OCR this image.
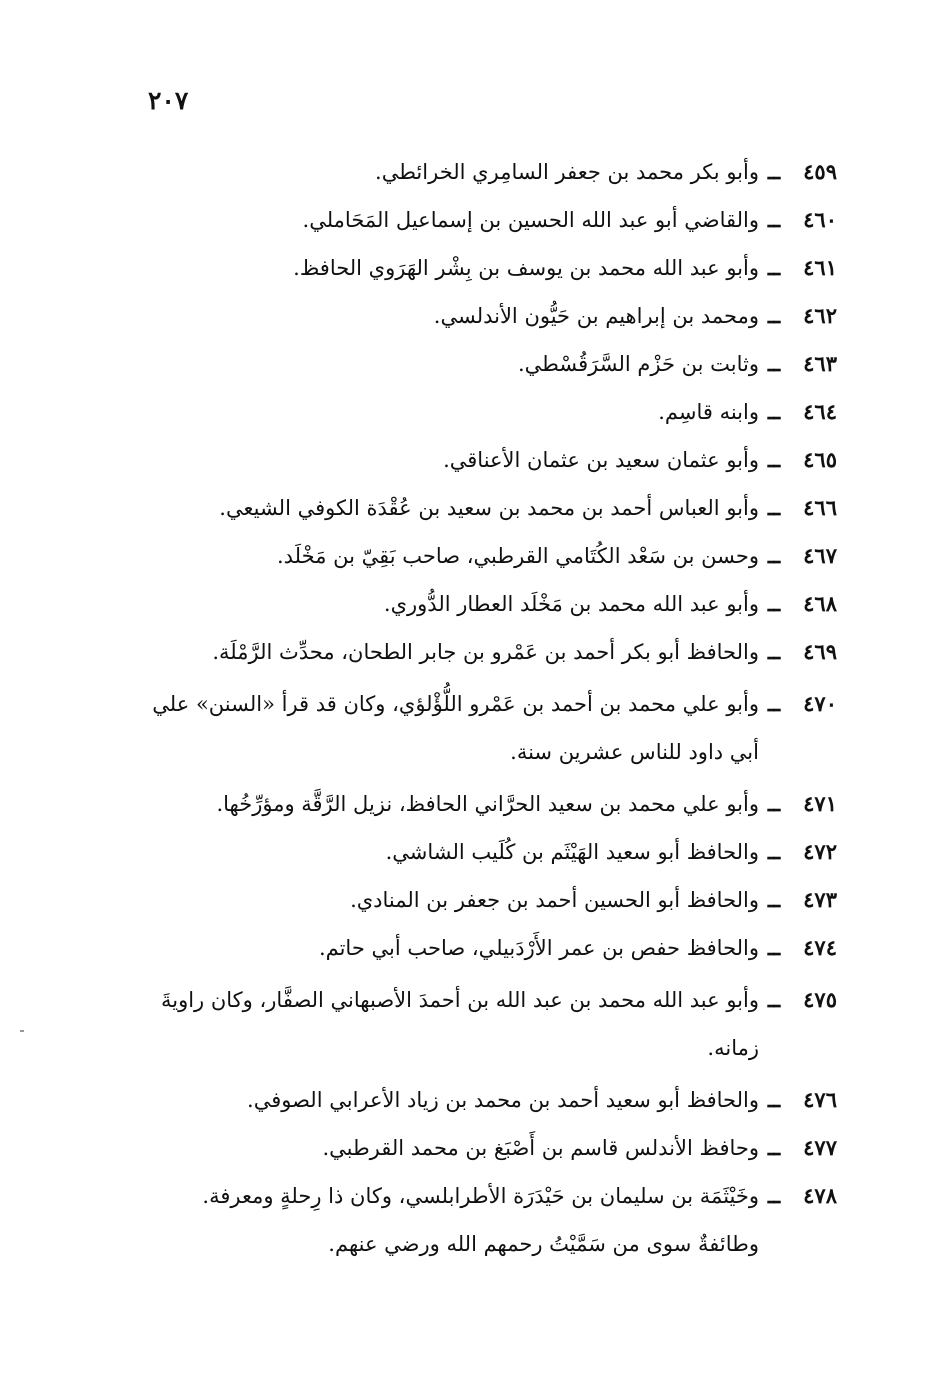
٢٠٧
٤٥٩
ــ
وأبو بكر محمد بن جعفر السامِري الخرائطي.
٤٦٠
ــ
والقاضي أبو عبد الله الحسين بن إسماعيل المَحَاملي.
٤٦١
ــ
وأبو عبد الله محمد بن يوسف بن بِشْر الهَرَوي الحافظ.
٤٦٢
ــ
ومحمد بن إبراهيم بن حَيُّون الأندلسي.
٤٦٣
ــ
وثابت بن حَزْم السَّرَقُسْطي.
٤٦٤
ــ
وابنه قاسِم.
٤٦٥
ــ
وأبو عثمان سعيد بن عثمان الأعناقي.
٤٦٦
ــ
وأبو العباس أحمد بن محمد بن سعيد بن عُقْدَة الكوفي الشيعي.
٤٦٧
ــ
وحسن بن سَعْد الكُتَامي القرطبي، صاحب بَقِيّ بن مَخْلَد.
٤٦٨
ــ
وأبو عبد الله محمد بن مَخْلَد العطار الدُّوري.
٤٦٩
ــ
والحافظ أبو بكر أحمد بن عَمْرو بن جابر الطحان، محدِّث الرَّمْلَة.
٤٧٠
ــ
وأبو علي محمد بن أحمد بن عَمْرو اللُّؤْلؤي، وكان قد قرأ «السنن» علي أبي داود للناس عشرين سنة.
٤٧١
ــ
وأبو علي محمد بن سعيد الحرَّاني الحافظ، نزيل الرَّقَّة ومؤرِّخُها.
٤٧٢
ــ
والحافظ أبو سعيد الهَيْثَم بن كُلَيب الشاشي.
٤٧٣
ــ
والحافظ أبو الحسين أحمد بن جعفر بن المنادي.
٤٧٤
ــ
والحافظ حفص بن عمر الأَرْدَبيلي، صاحب أبي حاتم.
٤٧٥
ــ
وأبو عبد الله محمد بن عبد الله بن أحمدَ الأصبهاني الصفَّار، وكان راويةَ زمانه.
٤٧٦
ــ
والحافظ أبو سعيد أحمد بن محمد بن زياد الأعرابي الصوفي.
٤٧٧
ــ
وحافظ الأندلس قاسم بن أَصْبَغ بن محمد القرطبي.
٤٧٨
ــ
وخَيْثَمَة بن سليمان بن حَيْدَرَة الأطرابلسي، وكان ذا رِحلةٍ ومعرفة.
وطائفةٌ سوى من سَمَّيْتُ رحمهم الله ورضي عنهم.
